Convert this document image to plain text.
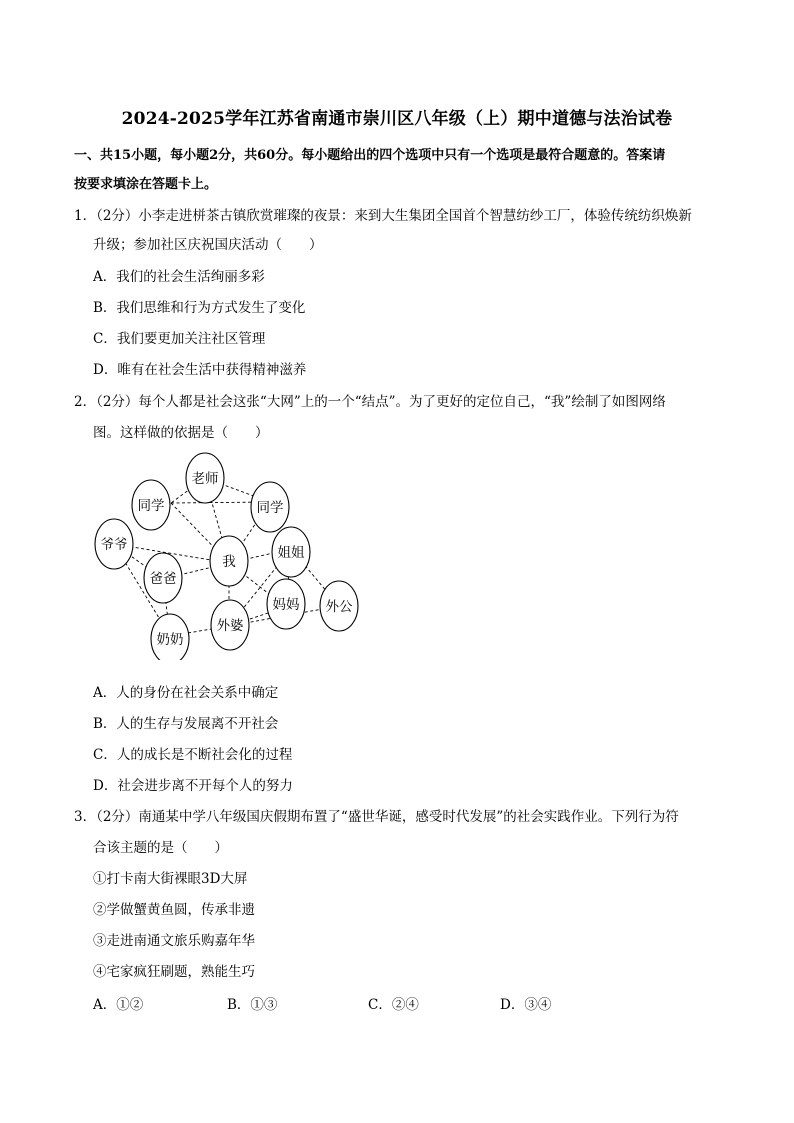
2024-2025学年江苏省南通市崇川区八年级（上）期中道德与法治试卷
一、共15小题，每小题2分，共60分。每小题给出的四个选项中只有一个选项是最符合题意的。答案请
按要求填涂在答题卡上。
1．（2分）小李走进栟茶古镇欣赏璀璨的夜景：来到大生集团全国首个智慧纺纱工厂，体验传统纺织焕新
升级；参加社区庆祝国庆活动（　　）
A．我们的社会生活绚丽多彩
B．我们思维和行为方式发生了变化
C．我们要更加关注社区管理
D．唯有在社会生活中获得精神滋养
2．（2分）每个人都是社会这张“大网”上的一个“结点”。为了更好的定位自己，“我”绘制了如图网络
图。这样做的依据是（　　）
老师
同学	同学
爷爷
我
姐姐
爸爸
妈妈 外公
外婆
奶奶
A．人的身份在社会关系中确定
B．人的生存与发展离不开社会
C．人的成长是不断社会化的过程
D．社会进步离不开每个人的努力
3．（2分）南通某中学八年级国庆假期布置了“盛世华诞，感受时代发展”的社会实践作业。下列行为符
合该主题的是（　　）
①打卡南大街裸眼3D大屏
②学做蟹黄鱼圆，传承非遗
③走进南通文旅乐购嘉年华
④宅家疯狂刷题，熟能生巧
A．①②	B．①③	C．②④	D．③④
